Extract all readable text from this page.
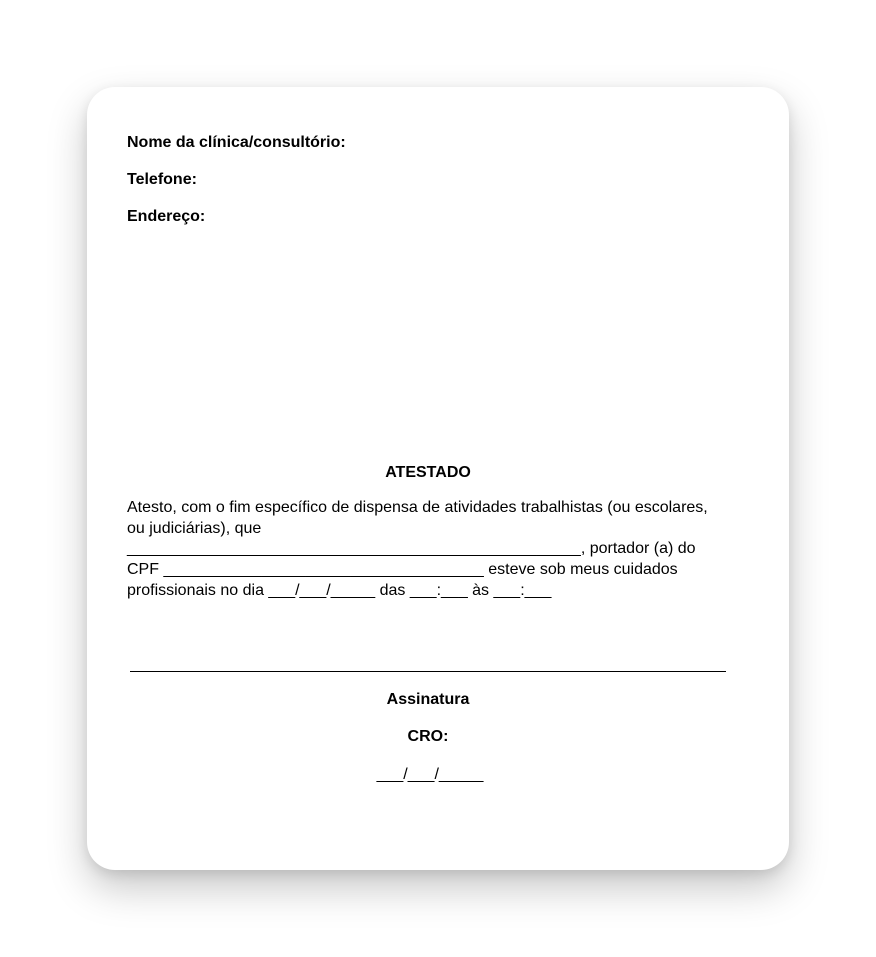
Nome da clínica/consultório:
Telefone:
Endereço:
ATESTADO

Atesto, com o fim específico de dispensa de atividades trabalhistas (ou escolares,

ou judiciárias), que

___________________________________________________, portador (a) do

CPF ____________________________________ esteve sob meus cuidados

profissionais no dia ___/___/_____ das ___:___ às ___:___

Assinatura
CRO:
___/___/_____
